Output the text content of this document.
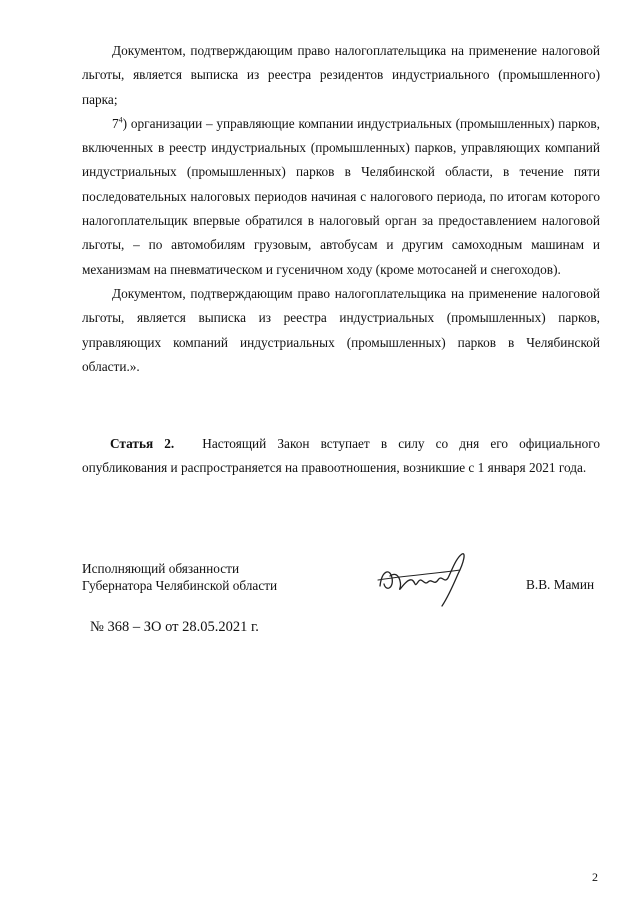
Документом, подтверждающим право налогоплательщика на применение налоговой льготы, является выписка из реестра резидентов индустриального (промышленного) парка;

$7^4$) организации – управляющие компании индустриальных (промышленных) парков, включенных в реестр индустриальных (промышленных) парков, управляющих компаний индустриальных (промышленных) парков в Челябинской области, в течение пяти последовательных налоговых периодов начиная с налогового периода, по итогам которого налогоплательщик впервые обратился в налоговый орган за предоставлением налоговой льготы, – по автомобилям грузовым, автобусам и другим самоходным машинам и механизмам на пневматическом и гусеничном ходу (кроме мотосаней и снегоходов).

Документом, подтверждающим право налогоплательщика на применение налоговой льготы, является выписка из реестра индустриальных (промышленных) парков, управляющих компаний индустриальных (промышленных) парков в Челябинской области.».

Статья 2. Настоящий Закон вступает в силу со дня его официального опубликования и распространяется на правоотношения, возникшие с 1 января 2021 года.
Исполняющий обязанности
Губернатора Челябинской области	В.В. Мамин
№ 368 – ЗО от 28.05.2021 г.
2
